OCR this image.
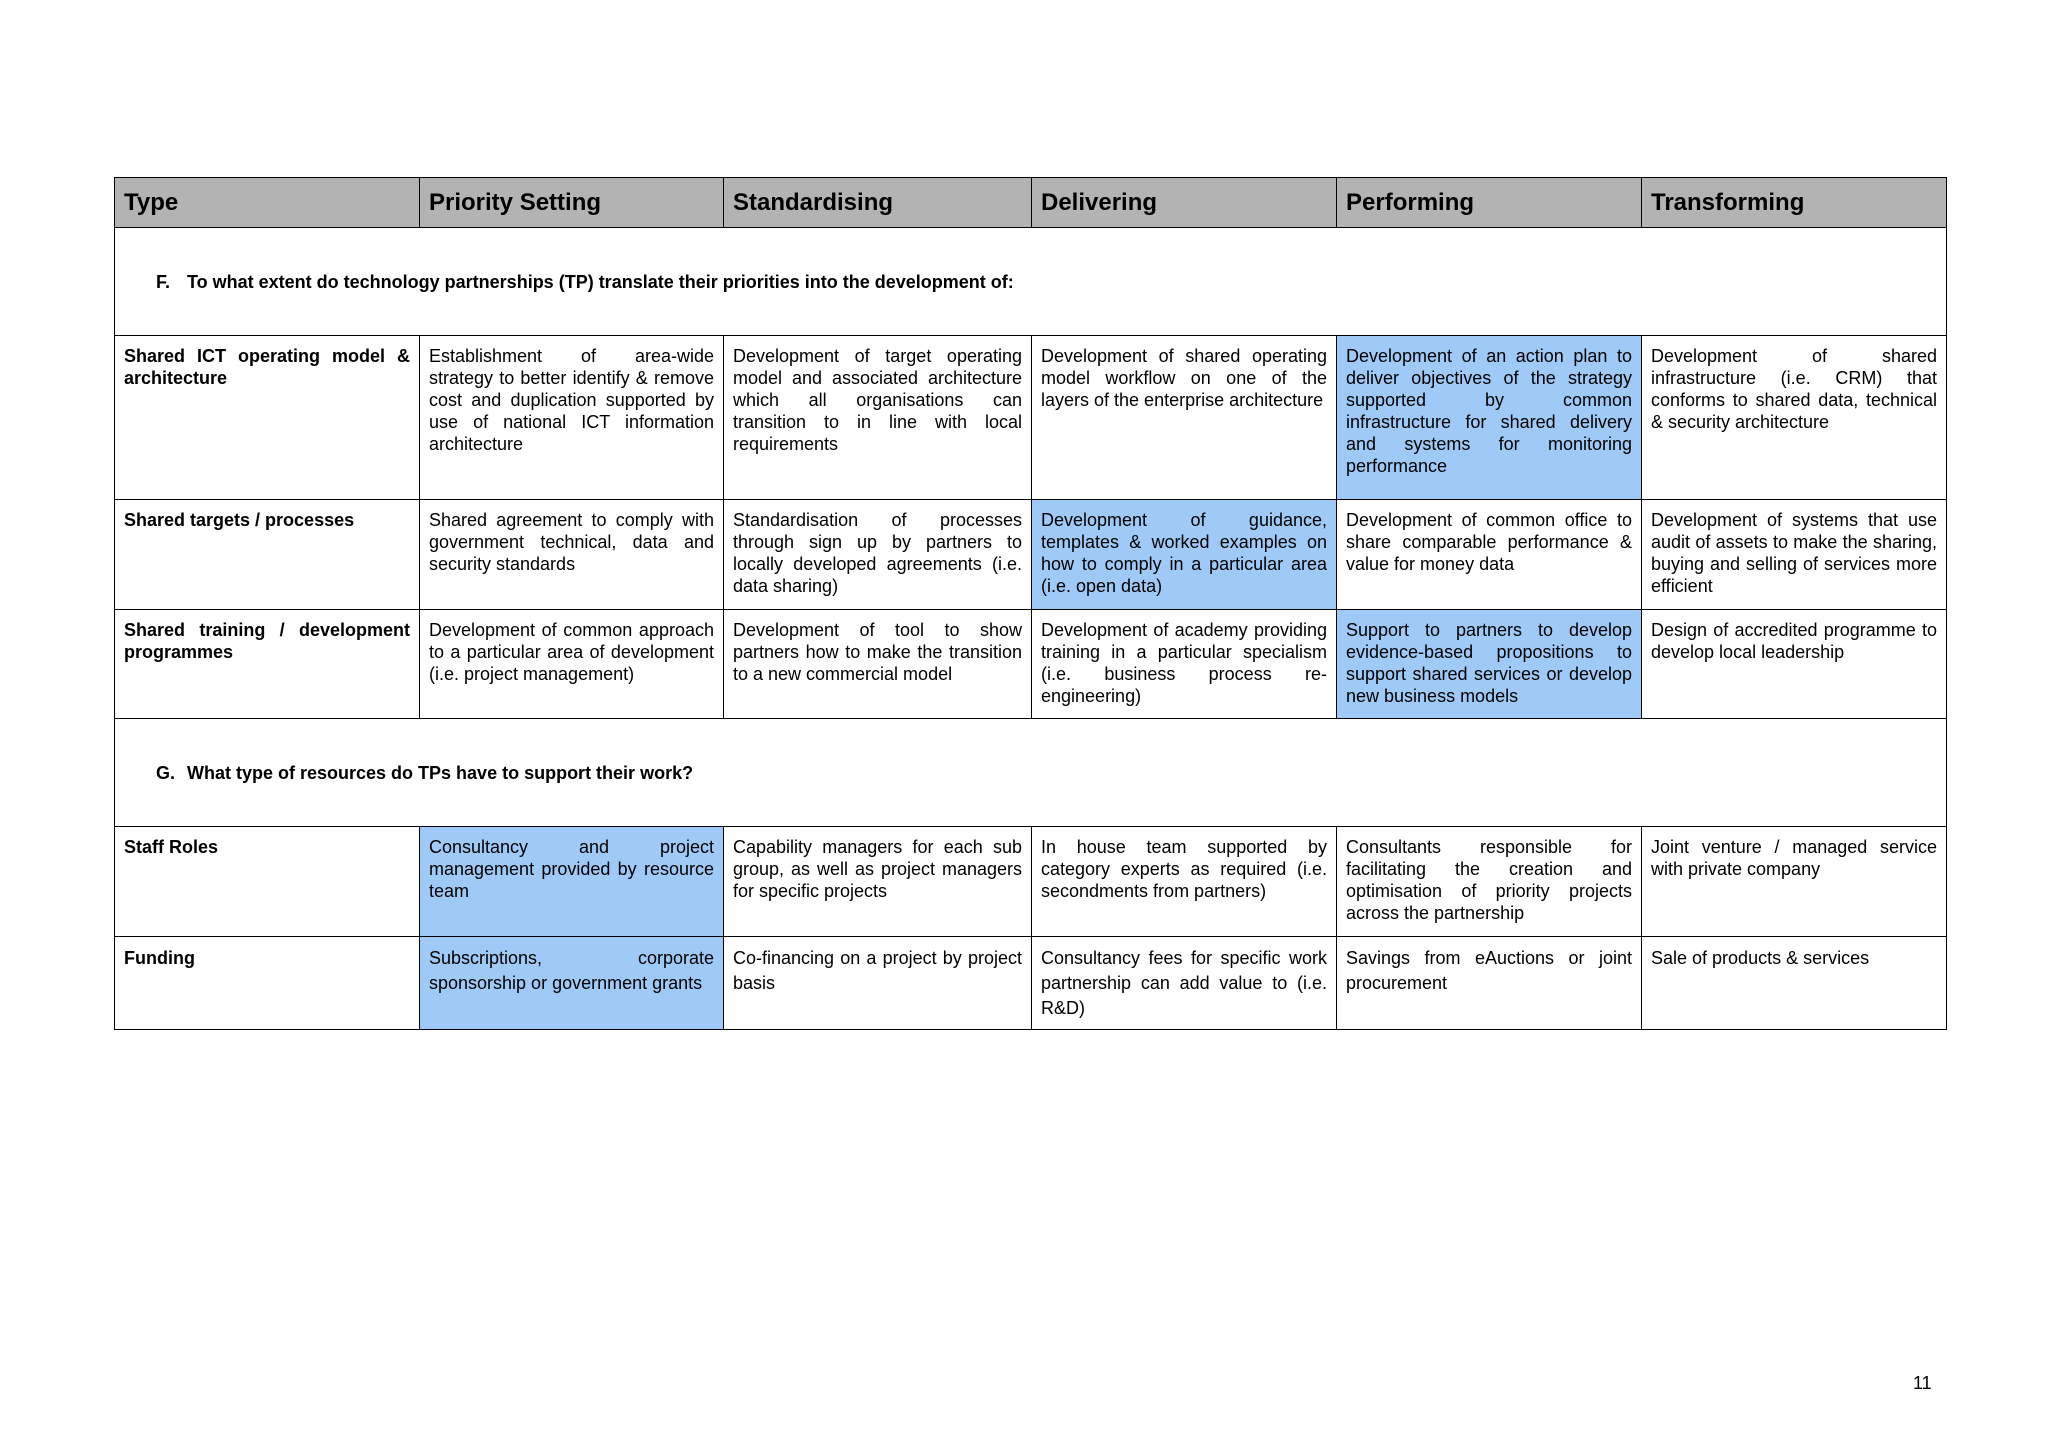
Type	Priority Setting	Standardising	Delivering	Performing	Transforming
F. To what extent do technology partnerships (TP) translate their priorities into the development of:					
Shared ICT operating model & architecture	Establishment of area-wide strategy to better identify & remove cost and duplication supported by use of national ICT information architecture	Development of target operating model and associated architecture which all organisations can transition to in line with local requirements	Development of shared operating model workflow on one of the layers of the enterprise architecture	Development of an action plan to deliver objectives of the strategy supported by common infrastructure for shared delivery and systems for monitoring performance	Development of shared infrastructure (i.e. CRM) that conforms to shared data, technical & security architecture
Shared targets / processes	Shared agreement to comply with government technical, data and security standards	Standardisation of processes through sign up by partners to locally developed agreements (i.e. data sharing)	Development of guidance, templates & worked examples on how to comply in a particular area (i.e. open data)	Development of common office to share comparable performance & value for money data	Development of systems that use audit of assets to make the sharing, buying and selling of services more efficient
Shared training / development programmes	Development of common approach to a particular area of development (i.e. project management)	Development of tool to show partners how to make the transition to a new commercial model	Development of academy providing training in a particular specialism (i.e. business process re-engineering)	Support to partners to develop evidence-based propositions to support shared services or develop new business models	Design of accredited programme to develop local leadership
G. What type of resources do TPs have to support their work?					
Staff Roles	Consultancy and project management provided by resource team	Capability managers for each sub group, as well as project managers for specific projects	In house team supported by category experts as required (i.e. secondments from partners)	Consultants responsible for facilitating the creation and optimisation of priority projects across the partnership	Joint venture / managed service with private company
Funding	Subscriptions, corporate sponsorship or government grants	Co-financing on a project by project basis	Consultancy fees for specific work partnership can add value to (i.e. R&D)	Savings from eAuctions or joint procurement	Sale of products & services
11
